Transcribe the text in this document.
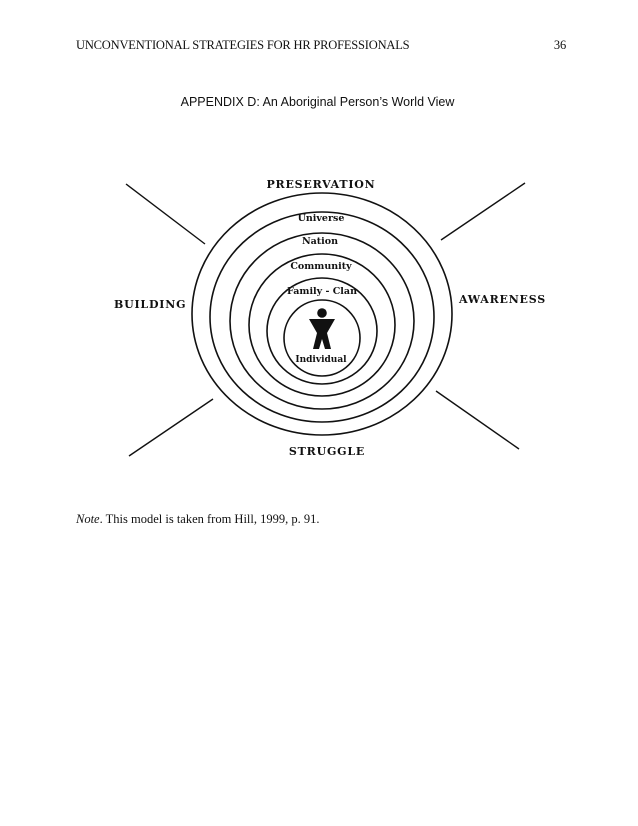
UNCONVENTIONAL STRATEGIES FOR HR PROFESSIONALS	36
APPENDIX D: An Aboriginal Person’s World View
PRESERVATION
BUILDING	AWARENESS
STRUGGLE
Universe
Nation
Community
Family - Clan
Individual
Note. This model is taken from Hill, 1999, p. 91.
